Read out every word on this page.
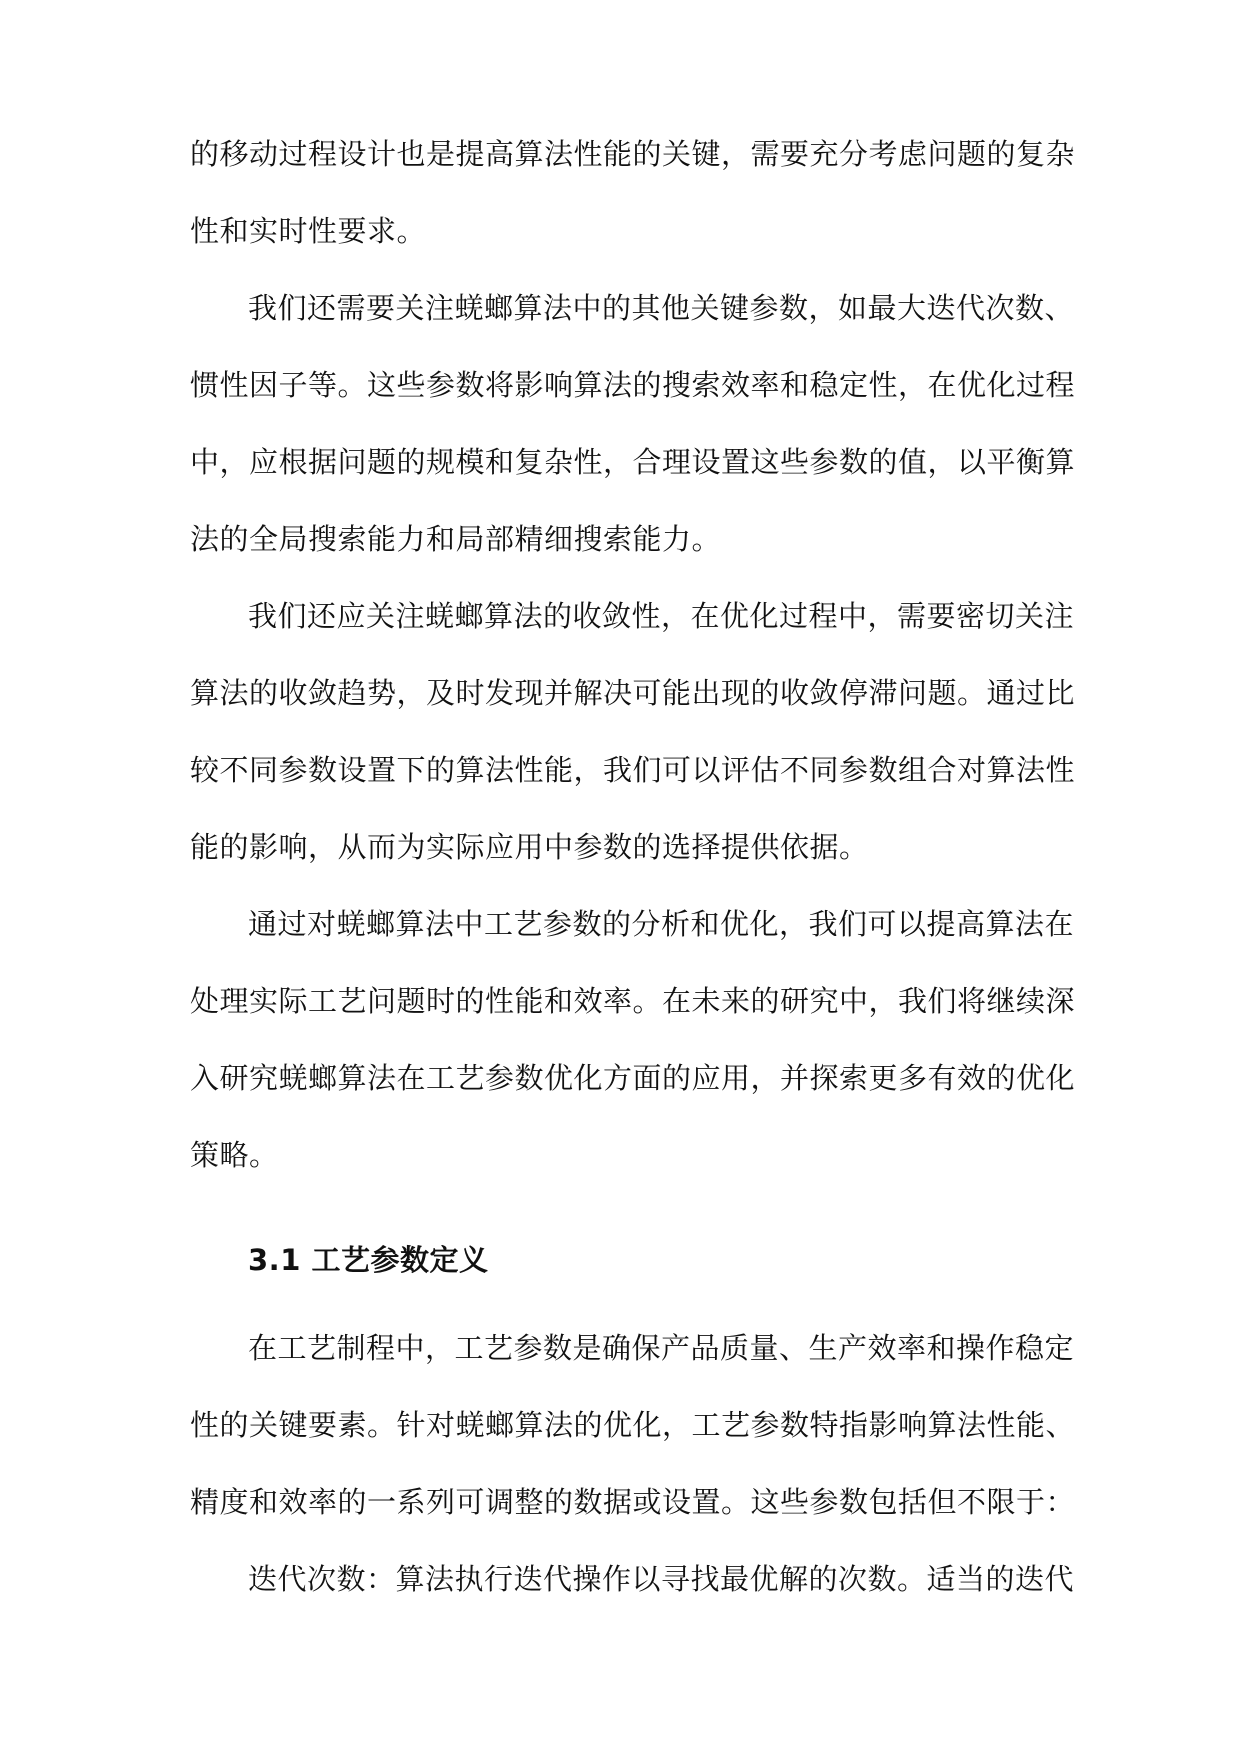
的移动过程设计也是提高算法性能的关键，需要充分考虑问题的复杂
性和实时性要求。
我们还需要关注蜣螂算法中的其他关键参数，如最大迭代次数、
惯性因子等。这些参数将影响算法的搜索效率和稳定性，在优化过程
中，应根据问题的规模和复杂性，合理设置这些参数的值，以平衡算
法的全局搜索能力和局部精细搜索能力。
我们还应关注蜣螂算法的收敛性，在优化过程中，需要密切关注
算法的收敛趋势，及时发现并解决可能出现的收敛停滞问题。通过比
较不同参数设置下的算法性能，我们可以评估不同参数组合对算法性
能的影响，从而为实际应用中参数的选择提供依据。
通过对蜣螂算法中工艺参数的分析和优化，我们可以提高算法在
处理实际工艺问题时的性能和效率。在未来的研究中，我们将继续深
入研究蜣螂算法在工艺参数优化方面的应用，并探索更多有效的优化
策略。
3.1 工艺参数定义
在工艺制程中，工艺参数是确保产品质量、生产效率和操作稳定
性的关键要素。针对蜣螂算法的优化，工艺参数特指影响算法性能、
精度和效率的一系列可调整的数据或设置。这些参数包括但不限于：
迭代次数：算法执行迭代操作以寻找最优解的次数。适当的迭代
